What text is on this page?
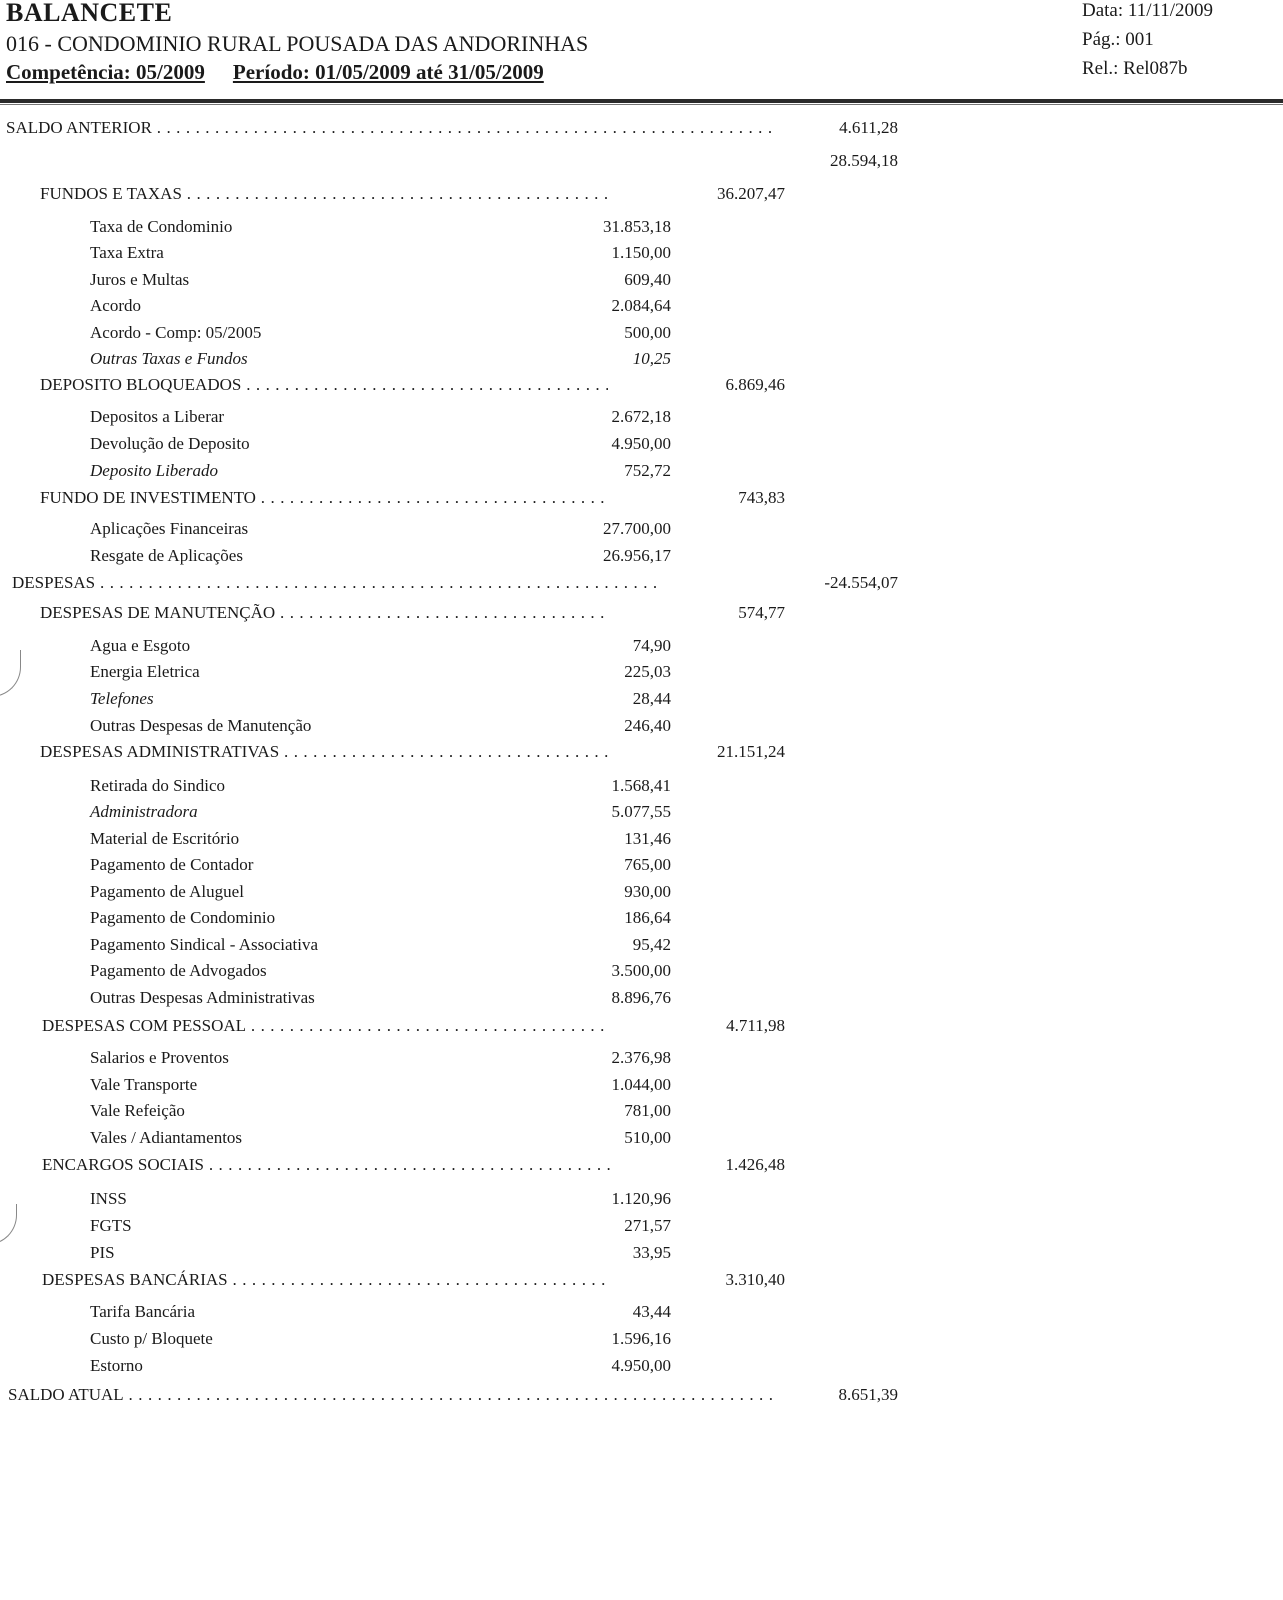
BALANCETE
016 - CONDOMINIO RURAL POUSADA DAS ANDORINHAS
Competência: 05/2009 Período: 01/05/2009 até 31/05/2009
Data: 11/11/2009
Pág.: 001
Rel.: Rel087b
SALDO ANTERIOR . . .	4.611,28
28.594,18
FUNDOS E TAXAS . . .	36.207,47
Taxa de Condominio	31.853,18
Taxa Extra	1.150,00
Juros e Multas	609,40
Acordo	2.084,64
Acordo - Comp: 05/2005	500,00
Outras Taxas e Fundos	10,25
DEPOSITO BLOQUEADOS . . .	6.869,46
Depositos a Liberar	2.672,18
Devolução de Deposito	4.950,00
Deposito Liberado	752,72
FUNDO DE INVESTIMENTO . . .	743,83
Aplicações Financeiras	27.700,00
Resgate de Aplicações	26.956,17
DESPESAS . . .	-24.554,07
DESPESAS DE MANUTENÇÃO . . .	574,77
Agua e Esgoto	74,90
Energia Eletrica	225,03
Telefones	28,44
Outras Despesas de Manutenção	246,40
DESPESAS ADMINISTRATIVAS . . .	21.151,24
Retirada do Sindico	1.568,41
Administradora	5.077,55
Material de Escritório	131,46
Pagamento de Contador	765,00
Pagamento de Aluguel	930,00
Pagamento de Condominio	186,64
Pagamento Sindical - Associativa	95,42
Pagamento de Advogados	3.500,00
Outras Despesas Administrativas	8.896,76
DESPESAS COM PESSOAL . . .	4.711,98
Salarios e Proventos	2.376,98
Vale Transporte	1.044,00
Vale Refeição	781,00
Vales / Adiantamentos	510,00
ENCARGOS SOCIAIS . . .	1.426,48
INSS	1.120,96
FGTS	271,57
PIS	33,95
DESPESAS BANCÁRIAS . . .	3.310,40
Tarifa Bancária	43,44
Custo p/ Bloquete	1.596,16
Estorno	4.950,00
SALDO ATUAL . . .	8.651,39
